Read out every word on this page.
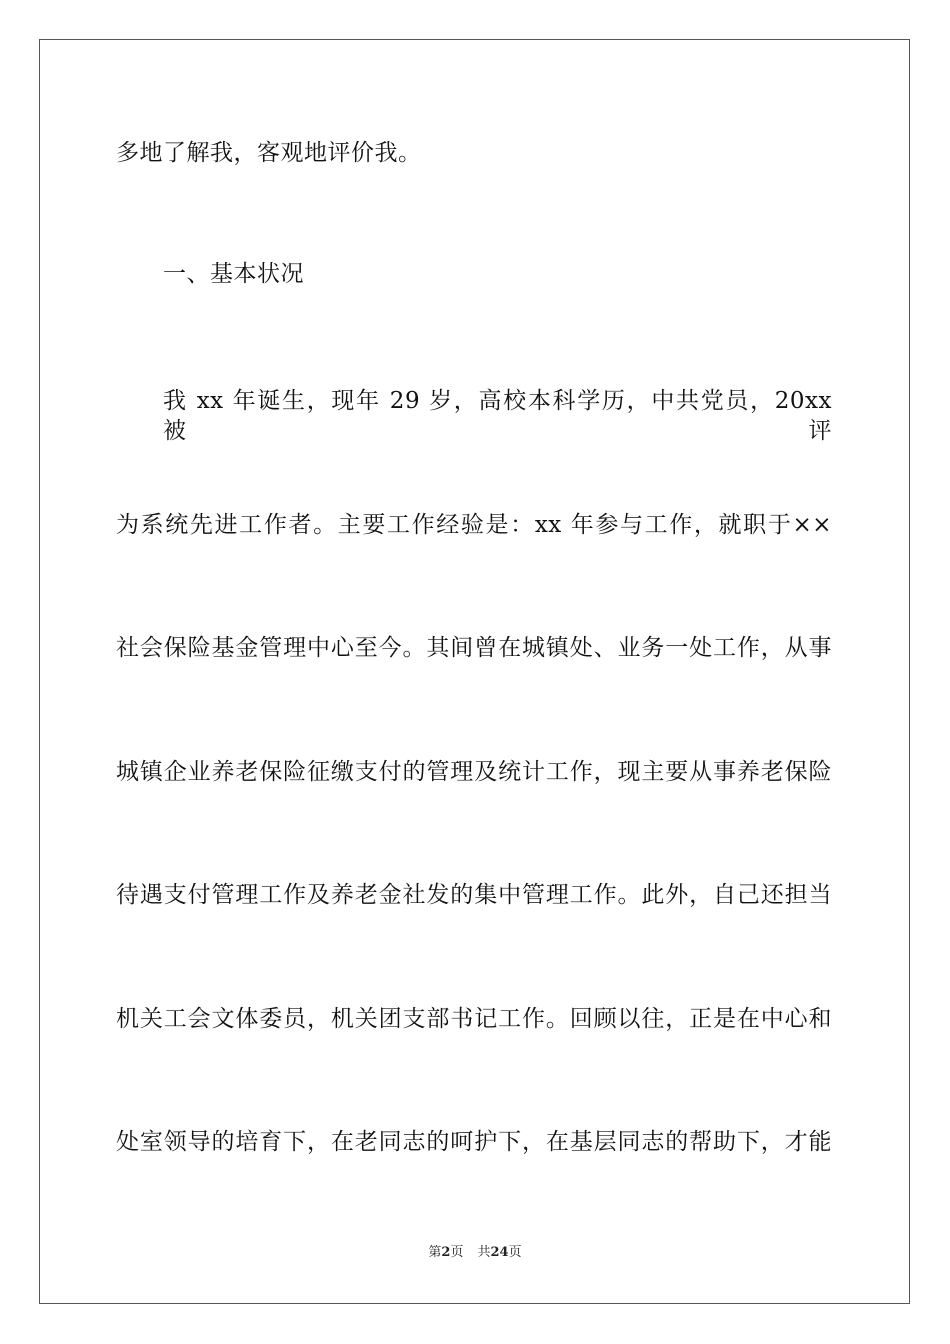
多地了解我，客观地评价我。
一、基本状况
我 xx 年诞生，现年 29 岁，高校本科学历，中共党员，20xx 被评
为系统先进工作者。主要工作经验是：xx 年参与工作，就职于××
社会保险基金管理中心至今。其间曾在城镇处、业务一处工作，从事
城镇企业养老保险征缴支付的管理及统计工作，现主要从事养老保险
待遇支付管理工作及养老金社发的集中管理工作。此外，自己还担当
机关工会文体委员，机关团支部书记工作。回顾以往，正是在中心和
处室领导的培育下，在老同志的呵护下，在基层同志的帮助下，才能
第2页 共24页
